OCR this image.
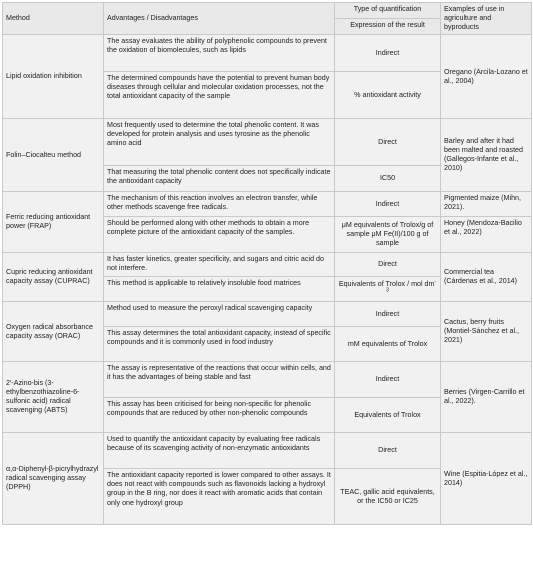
Method	Advantages / Disadvantages	Type of quantification	Examples of use in agriculture and byproducts
		Expression of the result	
Lipid oxidation inhibition	The assay evaluates the ability of polyphenolic compounds to prevent the oxidation of biomolecules, such as lipids	Indirect	Oregano (Arcila-Lozano et al., 2004)
	The determined compounds have the potential to prevent human body diseases through cellular and molecular oxidation processes, not the total antioxidant capacity of the sample	% antioxidant activity	
Folin–Ciocalteu method	Most frequently used to determine the total phenolic content. It was developed for protein analysis and uses tyrosine as the phenolic amino acid	Direct	Barley and after it had been malted and roasted (Gallegos-Infante et al., 2010)
	That measuring the total phenolic content does not specifically indicate the antioxidant capacity	IC50	
Ferric reducing antioxidant power (FRAP)	The mechanism of this reaction involves an electron transfer, while other methods scavenge free radicals.	Indirect	Pigmented maize (Mihn, 2021).
	Should be performed along with other methods to obtain a more complete picture of the antioxidant capacity of the samples.	μM equivalents of Trolox/g of sample μM Fe(II)/100 g of sample	Honey (Mendoza-Bacilio et al., 2022)
Cupric reducing antioxidant capacity assay (CUPRAC)	It has faster kinetics, greater specificity, and sugars and citric acid do not interfere.	Direct	Commercial tea (Cárdenas et al., 2014)
	This method is applicable to relatively insoluble food matrices	Equivalents of Trolox / mol $dm^{-3}$
Oxygen radical absorbance capacity assay (ORAC)	Method used to measure the peroxyl radical scavenging capacity	Indirect	Cactus, berry fruits (Montiel-Sánchez et al., 2021)
	This assay determines the total antioxidant capacity, instead of specific compounds and it is commonly used in food industry	mM equivalents of Trolox	
2′-Azino-bis (3-ethylbenzothiazoline-6-sulfonic acid) radical scavenging (ABTS)	The assay is representative of the reactions that occur within cells, and it has the advantages of being stable and fast	Indirect	Berries (Virgen-Carrillo et al., 2022).
	This assay has been criticised for being non-specific for phenolic compounds that are reduced by other non-phenolic compounds	Equivalents of Trolox	
α,α-Diphenyl-β-picrylhydrazyl radical scavenging assay (DPPH)	Used to quantify the antioxidant capacity by evaluating free radicals because of its scavenging activity of non-enzymatic antioxidants	Direct	Wine (Espitia-López et al., 2014)
	The antioxidant capacity reported is lower compared to other assays. It does not react with compounds such as flavonoids lacking a hydroxyl group in the B ring, nor does it react with aromatic acids that contain only one hydroxyl group	TEAC, gallic acid equivalents, or the IC50 or IC25	
